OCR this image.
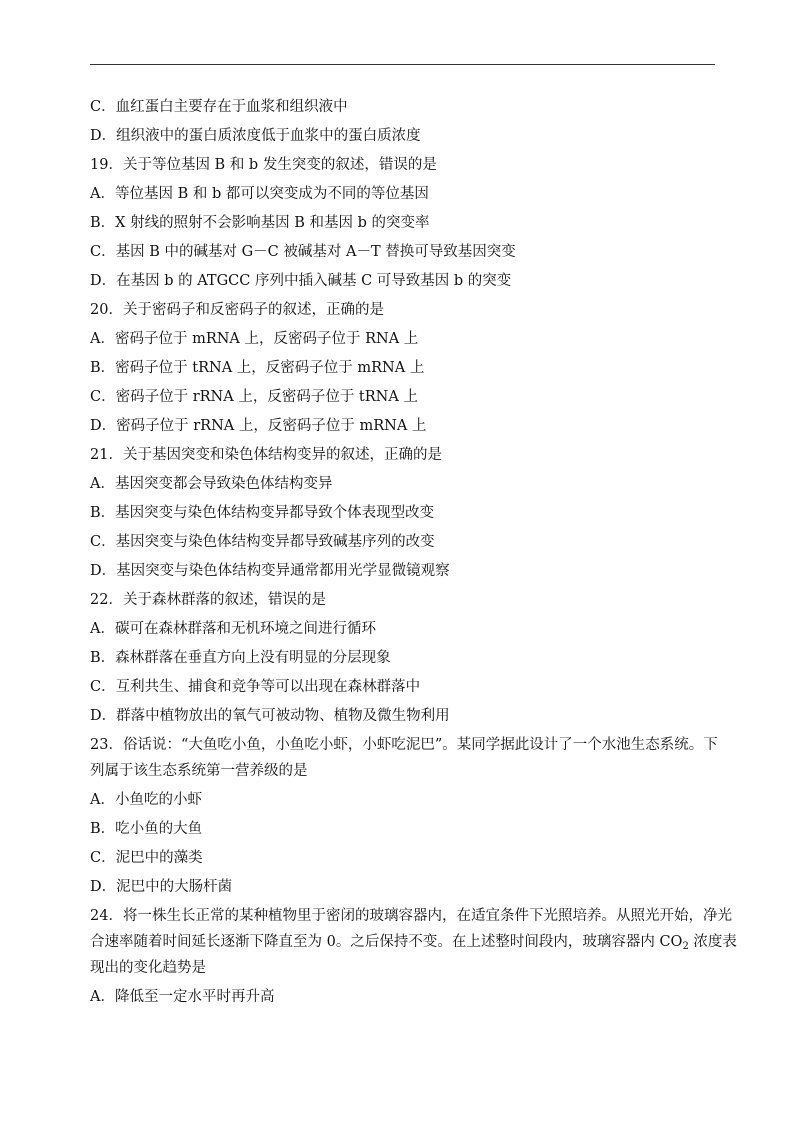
C．血红蛋白主要存在于血浆和组织液中
D．组织液中的蛋白质浓度低于血浆中的蛋白质浓度
19．关于等位基因 B 和 b 发生突变的叙述，错误的是
A．等位基因 B 和 b 都可以突变成为不同的等位基因
B．X 射线的照射不会影响基因 B 和基因 b 的突变率
C．基因 B 中的碱基对 G－C 被碱基对 A－T 替换可导致基因突变
D．在基因 b 的 ATGCC 序列中插入碱基 C 可导致基因 b 的突变
20．关于密码子和反密码子的叙述，正确的是
A．密码子位于 mRNA 上，反密码子位于 RNA 上
B．密码子位于 tRNA 上，反密码子位于 mRNA 上
C．密码子位于 rRNA 上，反密码子位于 tRNA 上
D．密码子位于 rRNA 上，反密码子位于 mRNA 上
21．关于基因突变和染色体结构变异的叙述，正确的是
A．基因突变都会导致染色体结构变异
B．基因突变与染色体结构变异都导致个体表现型改变
C．基因突变与染色体结构变异都导致碱基序列的改变
D．基因突变与染色体结构变异通常都用光学显微镜观察
22．关于森林群落的叙述，错误的是
A．碳可在森林群落和无机环境之间进行循环
B．森林群落在垂直方向上没有明显的分层现象
C．互利共生、捕食和竞争等可以出现在森林群落中
D．群落中植物放出的氧气可被动物、植物及微生物利用
23．俗话说：“大鱼吃小鱼，小鱼吃小虾，小虾吃泥巴”。某同学据此设计了一个水池生态系统。下
列属于该生态系统第一营养级的是
A．小鱼吃的小虾
B．吃小鱼的大鱼
C．泥巴中的藻类
D．泥巴中的大肠杆菌
24．将一株生长正常的某种植物里于密闭的玻璃容器内，在适宜条件下光照培养。从照光开始，净光
合速率随着时间延长逐渐下降直至为 0。之后保持不变。在上述整时间段内，玻璃容器内 $CO_2$ 浓度表
现出的变化趋势是
A．降低至一定水平时再升高
